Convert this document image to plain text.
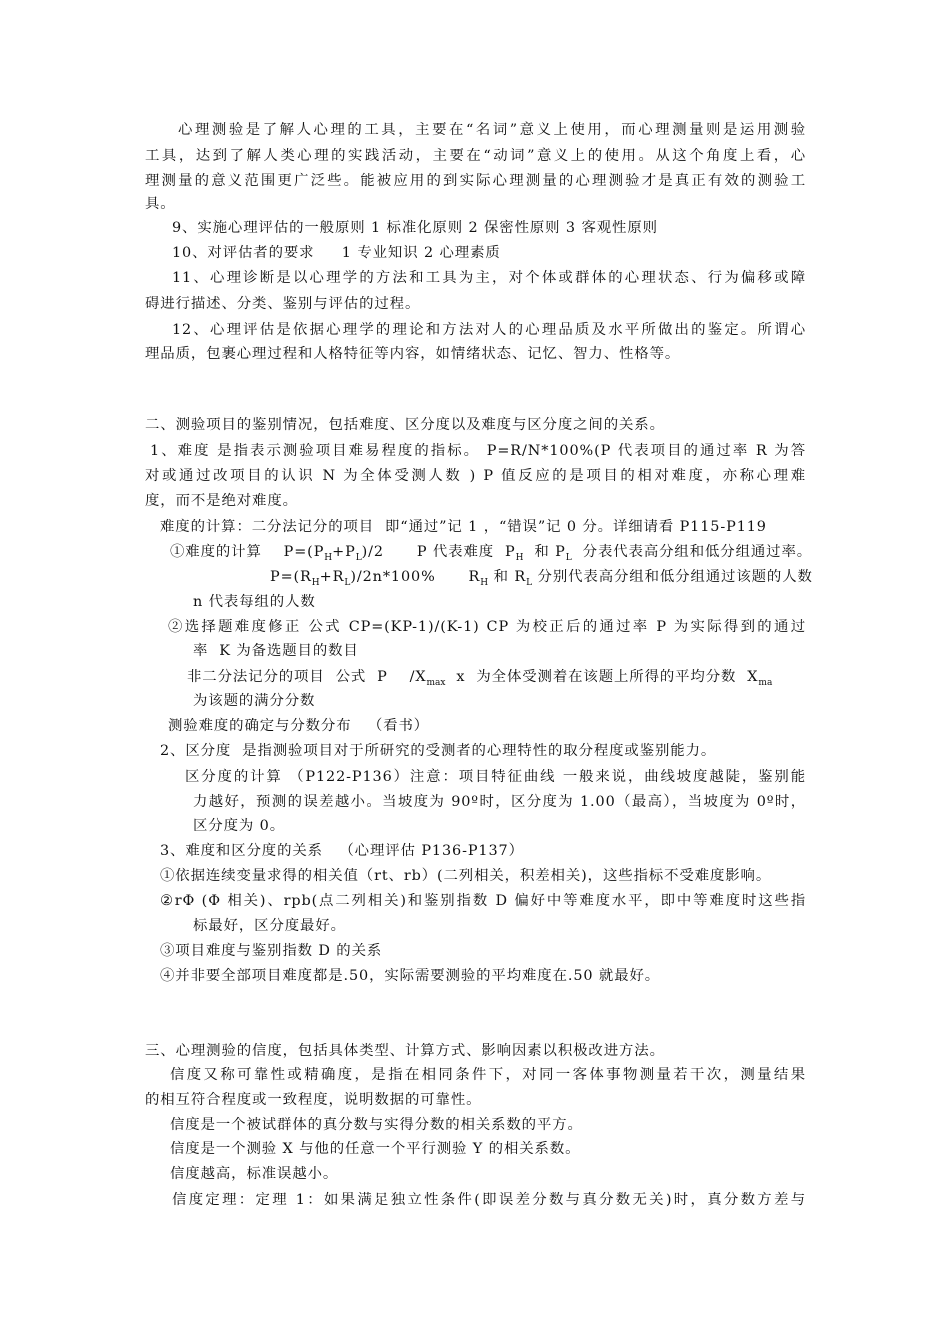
心理测验是了解人心理的工具，主要在“名词”意义上使用，而心理测量则是运用测验

工具，达到了解人类心理的实践活动，主要在“动词”意义上的使用。从这个角度上看，心

理测量的意义范围更广泛些。能被应用的到实际心理测量的心理测验才是真正有效的测验工

具。

9、实施心理评估的一般原则 1 标准化原则 2 保密性原则 3 客观性原则

10、对评估者的要求     1 专业知识 2 心理素质

11、心理诊断是以心理学的方法和工具为主，对个体或群体的心理状态、行为偏移或障

碍进行描述、分类、鉴别与评估的过程。

12、心理评估是依据心理学的理论和方法对人的心理品质及水平所做出的鉴定。所谓心

理品质，包裹心理过程和人格特征等内容，如情绪状态、记忆、智力、性格等。

二、测验项目的鉴别情况，包括难度、区分度以及难度与区分度之间的关系。

1、难度 是指表示测验项目难易程度的指标。 P=R/N*100%(P 代表项目的通过率 R 为答

对或通过改项目的认识 N 为全体受测人数 ) P 值反应的是项目的相对难度，亦称心理难

度，而不是绝对难度。

难度的计算：二分法记分的项目  即“通过”记 1 ，“错误”记 0 分。详细请看 P115-P119

①难度的计算    $P=(P_H+P_L)/2$      P 代表难度  $P_H$  和 $P_L$  分表代表高分组和低分组通过率。

$P=(R_H+R_L)/2n*100\%$      $R_H$ 和 $R_L$ 分别代表高分组和低分组通过该题的人数

n 代表每组的人数

②选择题难度修正 公式 CP=(KP-1)/(K-1) CP 为校正后的通过率 P 为实际得到的通过

率  K 为备选题目的数目

非二分法记分的项目  公式  P    $/X_{max}$  x  为全体受测着在该题上所得的平均分数  $X_{ma}$

为该题的满分分数

测验难度的确定与分数分布   （看书）

2、区分度  是指测验项目对于所研究的受测者的心理特性的取分程度或鉴别能力。

区分度的计算 （P122-P136）注意：项目特征曲线 一般来说，曲线坡度越陡，鉴别能

力越好，预测的误差越小。当坡度为 90º时，区分度为 1.00（最高），当坡度为 0º时，

区分度为 0。

3、难度和区分度的关系   （心理评估 P136-P137）

①依据连续变量求得的相关值（rt、rb）(二列相关，积差相关)，这些指标不受难度影响。

②rΦ (Φ 相关)、rpb(点二列相关)和鉴别指数 D 偏好中等难度水平，即中等难度时这些指

标最好，区分度最好。

③项目难度与鉴别指数 D 的关系

④并非要全部项目难度都是.50，实际需要测验的平均难度在.50 就最好。

三、心理测验的信度，包括具体类型、计算方式、影响因素以积极改进方法。

信度又称可靠性或精确度，是指在相同条件下，对同一客体事物测量若干次，测量结果

的相互符合程度或一致程度，说明数据的可靠性。

信度是一个被试群体的真分数与实得分数的相关系数的平方。

信度是一个测验 X 与他的任意一个平行测验 Y 的相关系数。

信度越高，标准误越小。

信度定理：定理 1：如果满足独立性条件(即误差分数与真分数无关)时，真分数方差与
